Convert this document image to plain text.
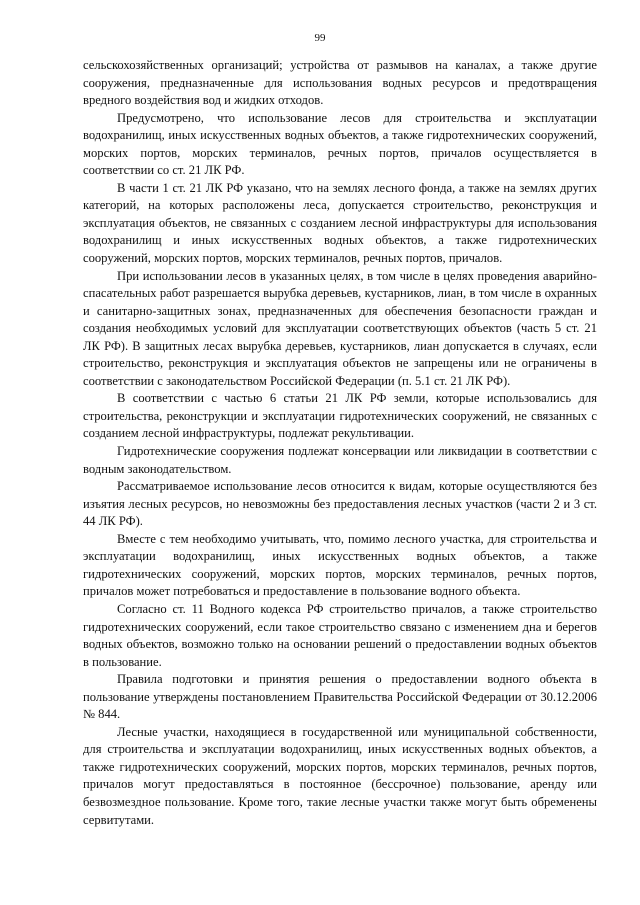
99

сельскохозяйственных организаций; устройства от размывов на каналах, а также другие сооружения, предназначенные для использования водных ресурсов и предотвращения вредного воздействия вод и жидких отходов.

Предусмотрено, что использование лесов для строительства и эксплуатации водохранилищ, иных искусственных водных объектов, а также гидротехнических сооружений, морских портов, морских терминалов, речных портов, причалов осуществляется в соответствии со ст. 21 ЛК РФ.

В части 1 ст. 21 ЛК РФ указано, что на землях лесного фонда, а также на землях других категорий, на которых расположены леса, допускается строительство, реконструкция и эксплуатация объектов, не связанных с созданием лесной инфраструктуры для использования водохранилищ и иных искусственных водных объектов, а также гидротехнических сооружений, морских портов, морских терминалов, речных портов, причалов.

При использовании лесов в указанных целях, в том числе в целях проведения аварийно-спасательных работ разрешается вырубка деревьев, кустарников, лиан, в том числе в охранных и санитарно-защитных зонах, предназначенных для обеспечения безопасности граждан и создания необходимых условий для эксплуатации соответствующих объектов (часть 5 ст. 21 ЛК РФ). В защитных лесах вырубка деревьев, кустарников, лиан допускается в случаях, если строительство, реконструкция и эксплуатация объектов не запрещены или не ограничены в соответствии с законодательством Российской Федерации (п. 5.1 ст. 21 ЛК РФ).

В соответствии с частью 6 статьи 21 ЛК РФ земли, которые использовались для строительства, реконструкции и эксплуатации гидротехнических сооружений, не связанных с созданием лесной инфраструктуры, подлежат рекультивации.

Гидротехнические сооружения подлежат консервации или ликвидации в соответствии с водным законодательством.

Рассматриваемое использование лесов относится к видам, которые осуществляются без изъятия лесных ресурсов, но невозможны без предоставления лесных участков (части 2 и 3 ст. 44 ЛК РФ).

Вместе с тем необходимо учитывать, что, помимо лесного участка, для строительства и эксплуатации водохранилищ, иных искусственных водных объектов, а также гидротехнических сооружений, морских портов, морских терминалов, речных портов, причалов может потребоваться и предоставление в пользование водного объекта.

Согласно ст. 11 Водного кодекса РФ строительство причалов, а также строительство гидротехнических сооружений, если такое строительство связано с изменением дна и берегов водных объектов, возможно только на основании решений о предоставлении водных объектов в пользование.

Правила подготовки и принятия решения о предоставлении водного объекта в пользование утверждены постановлением Правительства Российской Федерации от 30.12.2006 № 844.

Лесные участки, находящиеся в государственной или муниципальной собственности, для строительства и эксплуатации водохранилищ, иных искусственных водных объектов, а также гидротехнических сооружений, морских портов, морских терминалов, речных портов, причалов могут предоставляться в постоянное (бессрочное) пользование, аренду или безвозмездное пользование. Кроме того, такие лесные участки также могут быть обременены сервитутами.
